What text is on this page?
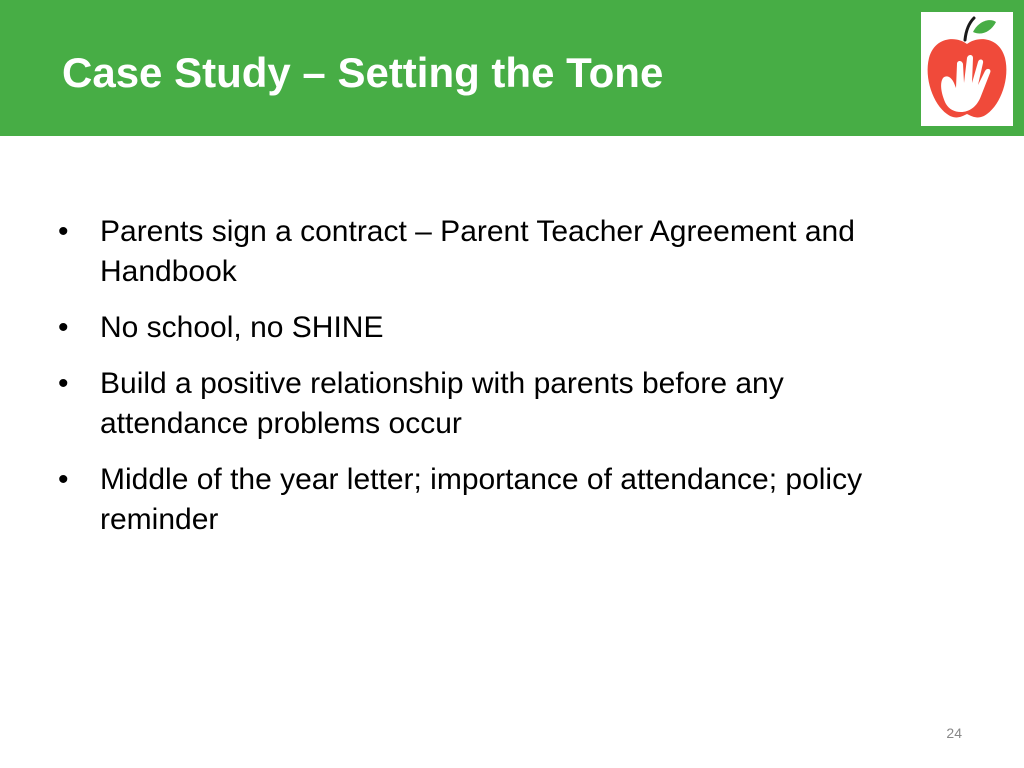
Case Study – Setting the Tone
• Parents sign a contract – Parent Teacher Agreement and Handbook
• No school, no SHINE
• Build a positive relationship with parents before any attendance problems occur
• Middle of the year letter; importance of attendance; policy reminder
24
